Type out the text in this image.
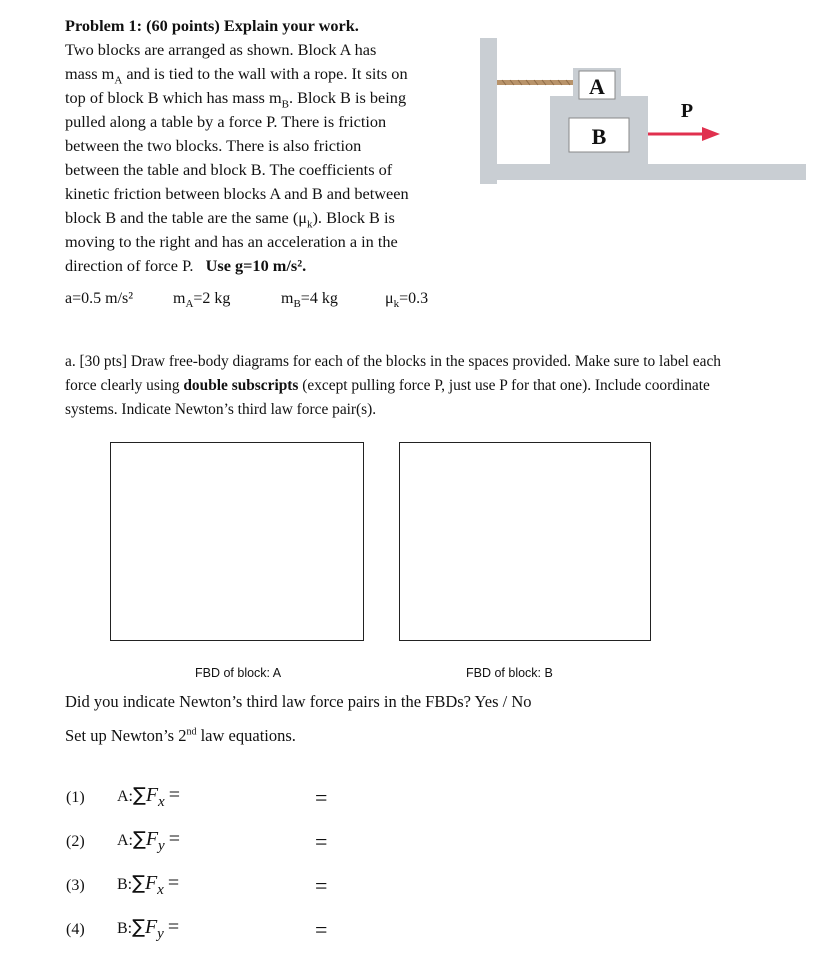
Problem 1: (60 points) Explain your work.
Two blocks are arranged as shown. Block A has
mass $m_A$ and is tied to the wall with a rope. It sits on
top of block B which has mass $m_B$. Block B is being
pulled along a table by a force P. There is friction
between the two blocks. There is also friction
between the table and block B. The coefficients of
kinetic friction between blocks A and B and between
block B and the table are the same $(\mu_k)$. Block B is
moving to the right and has an acceleration a in the
direction of force P. Use g=10 m/s².
a=0.5 m/s² $m_A=2$ kg	$m_B=4$ kg	$\mu_k=0.3$
B
A
P
a. [30 pts] Draw free-body diagrams for each of the blocks in the spaces provided. Make sure to label each force clearly using double subscripts (except pulling force P, just use P for that one). Include coordinate systems. Indicate Newton’s third law force pair(s).
FBD of block: A	FBD of block: B
Did you indicate Newton’s third law force pairs in the FBDs? Yes / No
Set up Newton’s 2nd law equations.
(1) $A:\sum F_x$ =	=
(2) $A:\sum F_y$ =	=
(3) $B:\sum F_x$ =	=
(4) $B:\sum F_y$ =	=
